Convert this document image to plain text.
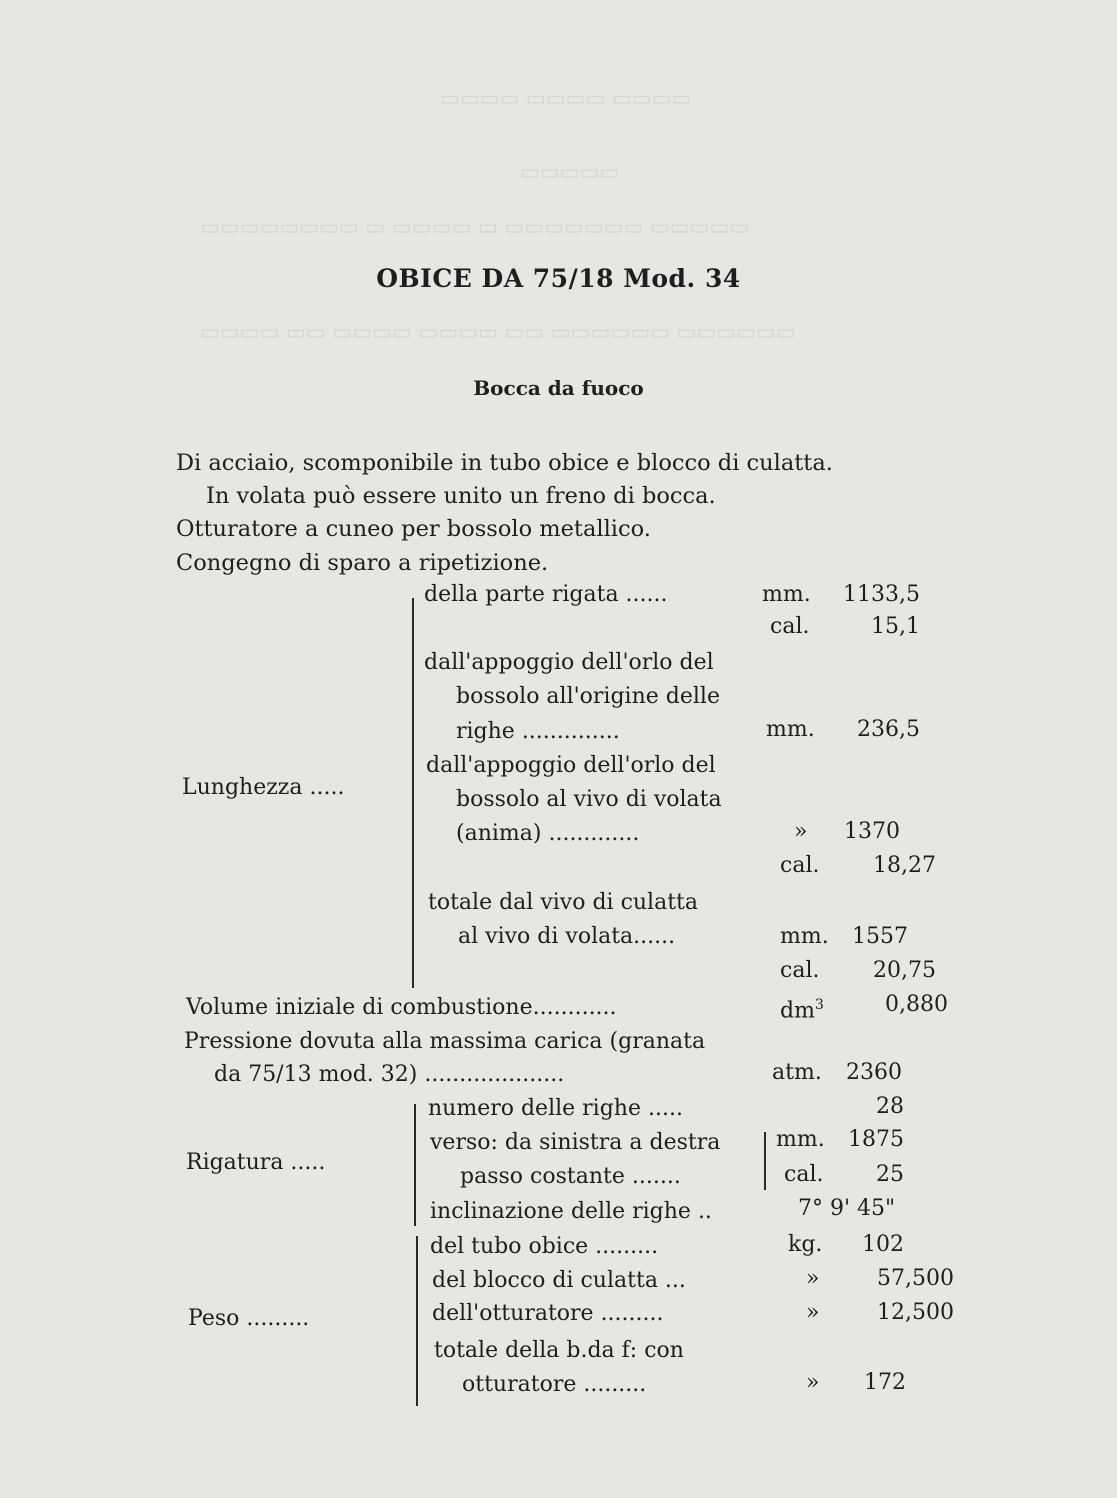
▭▭▭▭ ▭▭▭▭ ▭▭▭▭
▭▭▭▭▭
▭▭▭▭▭▭▭▭ ▭ ▭▭▭▭ ▭ ▭▭▭▭▭▭▭ ▭▭▭▭▭
▭▭▭▭ ▭▭ ▭▭▭▭ ▭▭▭▭ ▭▭ ▭▭▭▭▭▭ ▭▭▭▭▭▭
OBICE DA 75/18 Mod. 34
Bocca da fuoco
Di acciaio, scomponibile in tubo obice e blocco di culatta.
In volata può essere unito un freno di bocca.
Otturatore a cuneo per bossolo metallico.
Congegno di sparo a ripetizione.
Lunghezza .....
della parte rigata ......	mm.	1133,5
cal.	15,1
dall'appoggio dell'orlo del
bossolo all'origine delle
righe ..............	mm.	236,5
dall'appoggio dell'orlo del
bossolo al vivo di volata
(anima) .............	»	1370
cal.	18,27
totale dal vivo di culatta
al vivo di volata......	mm.	1557
cal.	20,75
Volume iniziale di combustione............	$dm^3$	0,880
Pressione dovuta alla massima carica (granata
da 75/13 mod. 32) ....................	atm.	2360
Rigatura .....
numero delle righe .....	28
verso: da sinistra a destra	mm.	1875
passo costante .......	cal.	25
inclinazione delle righe ..	7° 9' 45"
Peso .........
del tubo obice .........	kg.	102
del blocco di culatta ...	»	57,500
dell'otturatore .........	»	12,500
totale della b.da f: con
otturatore .........	»	172
